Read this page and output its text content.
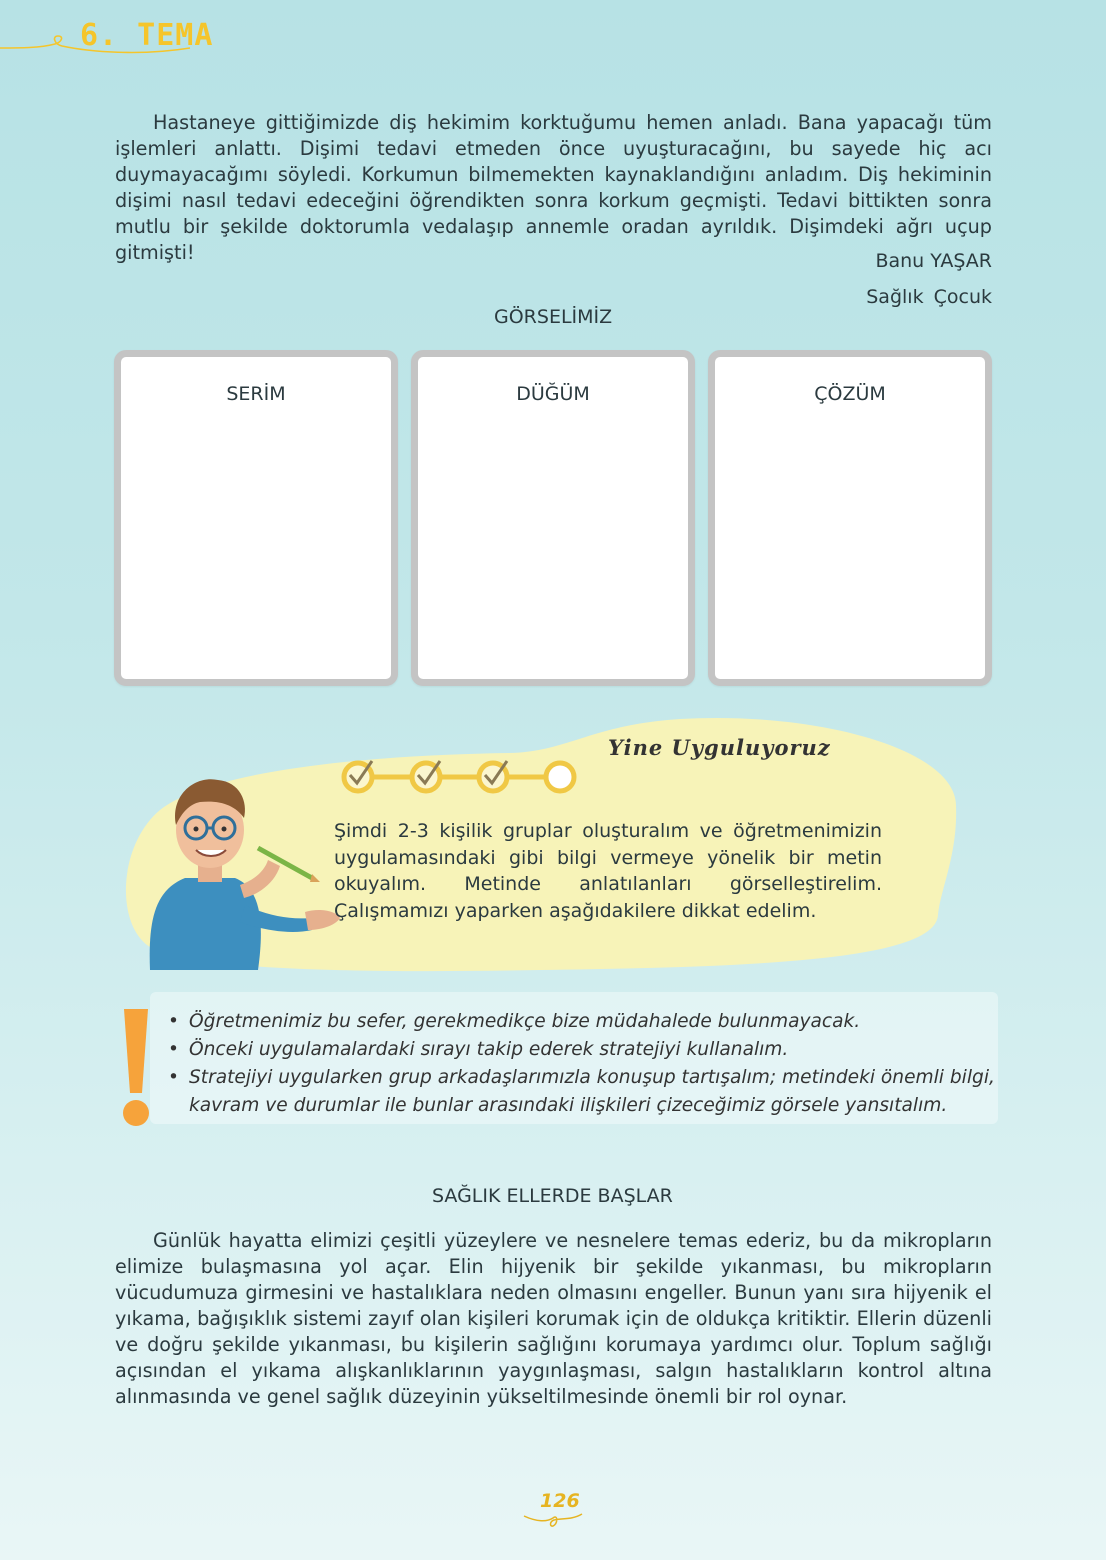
6. TEMA

Hastaneye gittiğimizde diş hekimim korktuğumu hemen anladı. Bana yapacağı tüm işlemleri anlattı. Dişimi tedavi etmeden önce uyuşturacağını, bu sayede hiç acı duymayacağımı söyledi. Korkumun bilmemekten kaynaklandığını anladım. Diş hekiminin dişimi nasıl tedavi edeceğini öğrendikten sonra korkum geçmişti. Tedavi bittikten sonra mutlu bir şekilde doktorumla vedalaşıp annemle oradan ayrıldık. Dişimdeki ağrı uçup gitmişti!	Banu YAŞAR
Sağlık Çocuk
GÖRSELİMİZ
SERİM	DÜĞÜM	ÇÖZÜM
Yine Uyguluyoruz

Şimdi 2-3 kişilik gruplar oluşturalım ve öğretmenimizin uygulamasındaki gibi bilgi vermeye yönelik bir metin okuyalım. Metinde anlatılanları görselleştirelim. Çalışmamızı yaparken aşağıdakilere dikkat edelim.

• Öğretmenimiz bu sefer, gerekmedikçe bize müdahalede bulunmayacak.
• Önceki uygulamalardaki sırayı takip ederek stratejiyi kullanalım.
• Stratejiyi uygularken grup arkadaşlarımızla konuşup tartışalım; metindeki önemli bilgi, kavram ve durumlar ile bunlar arasındaki ilişkileri çizeceğimiz görsele yansıtalım.
SAĞLIK ELLERDE BAŞLAR

Günlük hayatta elimizi çeşitli yüzeylere ve nesnelere temas ederiz, bu da mikropların elimize bulaşmasına yol açar. Elin hijyenik bir şekilde yıkanması, bu mikropların vücudumuza girmesini ve hastalıklara neden olmasını engeller. Bunun yanı sıra hijyenik el yıkama, bağışıklık sistemi zayıf olan kişileri korumak için de oldukça kritiktir. Ellerin düzenli ve doğru şekilde yıkanması, bu kişilerin sağlığını korumaya yardımcı olur. Toplum sağlığı açısından el yıkama alışkanlıklarının yaygınlaşması, salgın hastalıkların kontrol altına alınmasında ve genel sağlık düzeyinin yükseltilmesinde önemli bir rol oynar.

126
